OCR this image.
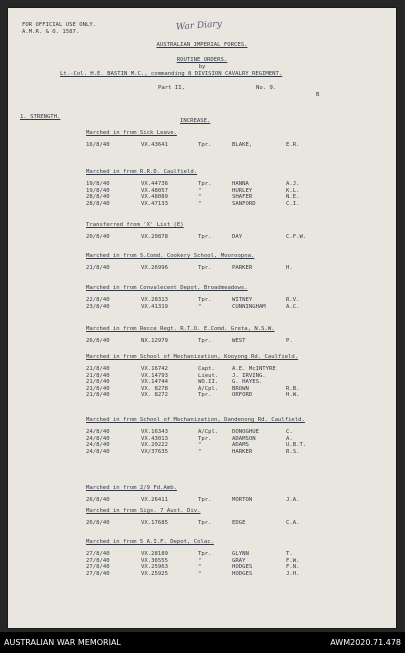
FOR OFFICIAL USE ONLY.
A.M.R. & O. 1587.	War Diary
AUSTRALIAN IMPERIAL FORCES.
ROUTINE ORDERS.
by
Lt.-Col. H.E. BASTIN M.C., commanding 8 DIVISION CAVALRY REGIMENT.
Part II,	No. 9.
B
1. STRENGTH.
INCREASE.
Marched in from Sick Leave.
16/8/40	VX.43641	Tpr.	BLAKE,	E.R.
Marched in from R.R.D. Caulfield.
19/8/40	VX.44736	Tpr.	HANNA	A.J.
19/8/40	VX.48057	"	HURLEY	K.L.
28/8/40	VX.48089	"	SHAFER	N.E.
28/8/40	VX.47133	"	SANFORD	C.I.
Transferred from 'X' List (E)
20/8/40	VX.20878	Tpr.	DAY	C.F.W.
Marched in from S.Comd. Cookery School, Mooroopna.
21/8/40	VX.26996	Tpr.	PARKER	H.
Marched in from Convalecent Depot, Broadmeadows.
22/8/40	VX.28313	Tpr.	WITNEY	R.V.
23/8/40	VX.41319	"	CUNNINGHAM	A.C.
Marched in from Recce Regt. R.T.O. E.Comd. Greta, N.S.W.
26/8/40	NX.12979	Tpr.	WEST	P.
Marched in from School of Mechanization, Kooyong Rd. Caulfield.
21/8/40	VX.16742	Capt.	A.E. McINTYRE
21/8/40	VX.14793	Lieut. J. IRVING.
21/8/40	VX.14744	WO.II. G. HAYES.
21/8/40	VX. 8278	A/Cpl. BROWN	R.B.
21/8/40	VX. 8272	Tpr.	ORFORD	H.W.
Marched in from School of Mechanization, Dandenong Rd. Caulfield.
24/8/40	VX.16343	A/Cpl. DONOGHUE	C.
24/8/40	VX.43013	Tpr.	ADAMSON	A.
24/8/40	VX.20222	"	ADAMS	U.B.T.
24/8/40	VX/37635	"	HARKER	R.S.
Marched in from 2/9 Fd.Amb.
26/8/40	VX.26411	Tpr.	MORTON	J.A.
Marched in from Sigs. 7 Aust. Div.
26/8/40	VX.17685	Tpr.	EDGE	C.A.
Marched in from 5 A.I.F. Depot, Colac.
27/8/40	VX.28189	Tpr.	GLYNN	T.
27/8/40	VX.36555	"	GRAY	F.W.
27/8/40	VX.25963	"	HODGES	F.N.
27/8/40	VX.25925	"	HODGES	J.H.
AUSTRALIAN WAR MEMORIAL	AWM2020.71.478
